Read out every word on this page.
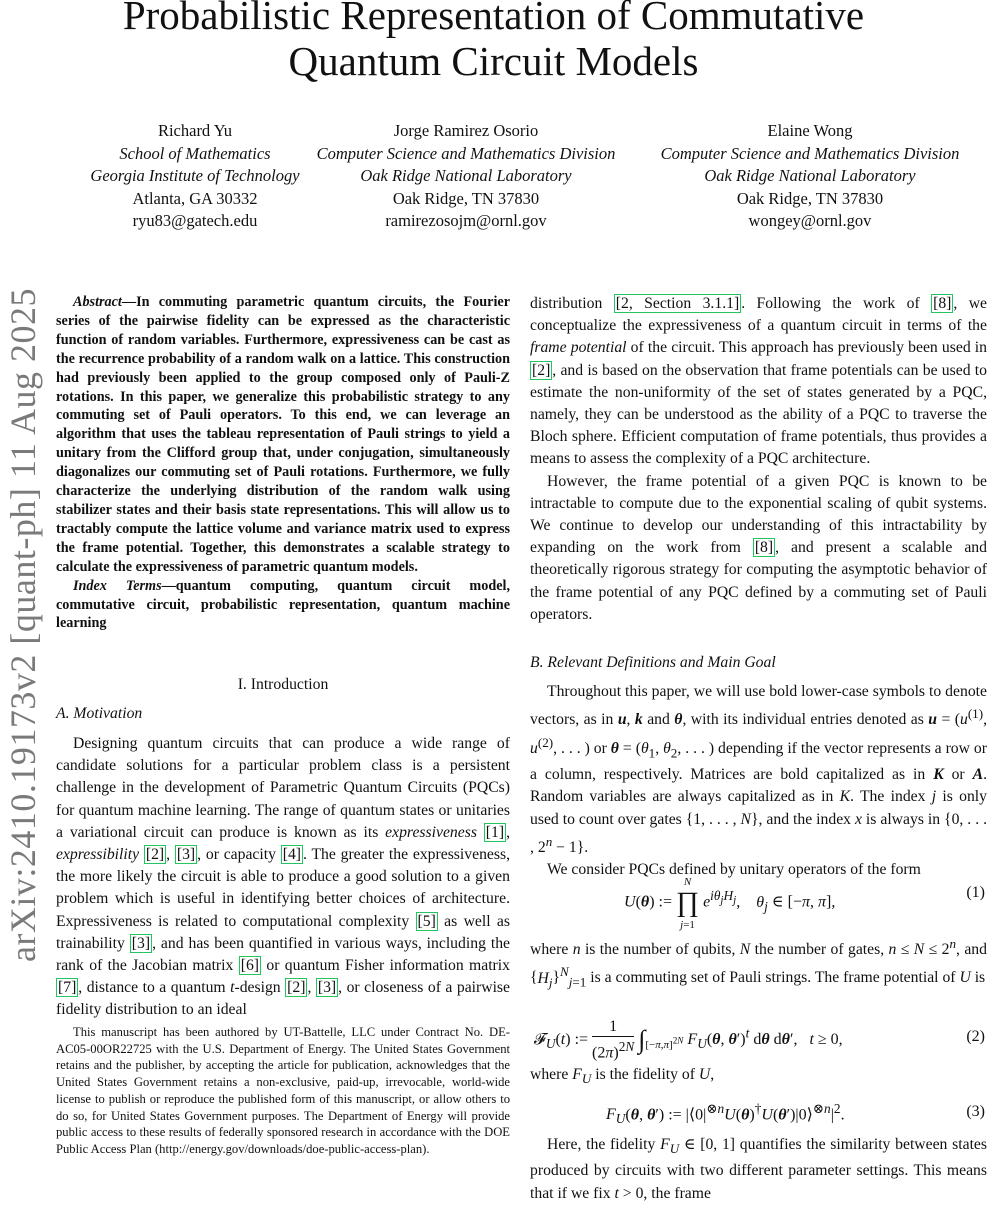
Probabilistic Representation of Commutative
Quantum Circuit Models
Richard Yu
School of Mathematics
Georgia Institute of Technology
Atlanta, GA 30332
ryu83@gatech.edu
Jorge Ramirez Osorio
Computer Science and Mathematics Division
Oak Ridge National Laboratory
Oak Ridge, TN 37830
ramirezosojm@ornl.gov
Elaine Wong
Computer Science and Mathematics Division
Oak Ridge National Laboratory
Oak Ridge, TN 37830
wongey@ornl.gov
arXiv:2410.19173v2 [quant-ph] 11 Aug 2025	Abstract—In commuting parametric quantum circuits, the Fourier series of the pairwise fidelity can be expressed as the characteristic function of random variables. Furthermore, expressiveness can be cast as the recurrence probability of a random walk on a lattice. This construction had previously been applied to the group composed only of Pauli-Z rotations. In this paper, we generalize this probabilistic strategy to any commuting set of Pauli operators. To this end, we can leverage an algorithm that uses the tableau representation of Pauli strings to yield a unitary from the Clifford group that, under conjugation, simultaneously diagonalizes our commuting set of Pauli rotations. Furthermore, we fully characterize the underlying distribution of the random walk using stabilizer states and their basis state representations. This will allow us to tractably compute the lattice volume and variance matrix used to express the frame potential. Together, this demonstrates a scalable strategy to calculate the expressiveness of parametric quantum models.

Index Terms—quantum computing, quantum circuit model, commutative circuit, probabilistic representation, quantum machine learning

I. Introduction
A. Motivation

Designing quantum circuits that can produce a wide range of candidate solutions for a particular problem class is a persistent challenge in the development of Parametric Quantum Circuits (PQCs) for quantum machine learning. The range of quantum states or unitaries a variational circuit can produce is known as its expressiveness [1] , expressibility [2] , [3] , or capacity [4] . The greater the expressiveness, the more likely the circuit is able to produce a good solution to a given problem which is useful in identifying better choices of architecture. Expressiveness is related to computational complexity [5] as well as trainability [3] , and has been quantified in various ways, including the rank of the Jacobian matrix [6] or quantum Fisher information matrix [7] , distance to a quantum t-design [2] , [3] , or closeness of a pairwise fidelity distribution to an ideal

This manuscript has been authored by UT-Battelle, LLC under Contract No. DE-AC05-00OR22725 with the U.S. Department of Energy. The United States Government retains and the publisher, by accepting the article for publication, acknowledges that the United States Government retains a non-exclusive, paid-up, irrevocable, world-wide license to publish or reproduce the published form of this manuscript, or allow others to do so, for United States Government purposes. The Department of Energy will provide public access to these results of federally sponsored research in accordance with the DOE Public Access Plan (http://energy.gov/downloads/doe-public-access-plan).

distribution [2, Section 3.1.1] . Following the work of [8] , we conceptualize the expressiveness of a quantum circuit in terms of the frame potential of the circuit. This approach has previously been used in [2] , and is based on the observation that frame potentials can be used to estimate the non-uniformity of the set of states generated by a PQC, namely, they can be understood as the ability of a PQC to traverse the Bloch sphere. Efficient computation of frame potentials, thus provides a means to assess the complexity of a PQC architecture.

However, the frame potential of a given PQC is known to be intractable to compute due to the exponential scaling of qubit systems. We continue to develop our understanding of this intractability by expanding on the work from [8] , and present a scalable and theoretically rigorous strategy for computing the asymptotic behavior of the frame potential of any PQC defined by a commuting set of Pauli operators.

B. Relevant Definitions and Main Goal

Throughout this paper, we will use bold lower-case symbols to denote vectors, as in u, k and θ, with its individual entries denoted as $u = (u^{(1)}$, $u^{(2)}$, . . . ) or $\theta = (\theta_1$, $\theta_2$, . . . ) depending if the vector represents a row or a column, respectively. Matrices are bold capitalized as in K or A. Random variables are always capitalized as in K. The index j is only used to count over gates {1, . . . , N}, and the index x is always in {0, . . . , $2^n - 1$}.

We consider PQCs defined by unitary operators of the form

U(θ) := N
∏
j=1 $e^{i\theta_jH_j}$,    $\theta_j$ ∈ [−π, π],
(1)

where n is the number of qubits, N the number of gates, $n \le N \le 2^n$, and $\{H_j\}^N_{j=1}$ is a commuting set of Pauli strings. The frame potential of U is

𝓕$_U$(t) := $\frac{1}{(2\pi)^{2N}} \int_{[-\pi,\pi]^{2N}}$ $F_U(\theta$, θ′)$^t$ dθ dθ′,   t ≥ 0,	(2)

where $F_U$ is the fidelity of U,

$F_U(\theta$, θ′) := $|⟨0|^{\otimes n}U(\theta)^\dagger U(\theta')|0⟩^{\otimes n}|^2$.	(3)

Here, the fidelity $F_U$ ∈ [0, 1] quantifies the similarity between states produced by circuits with two different parameter settings. This means that if we fix t > 0, the frame
